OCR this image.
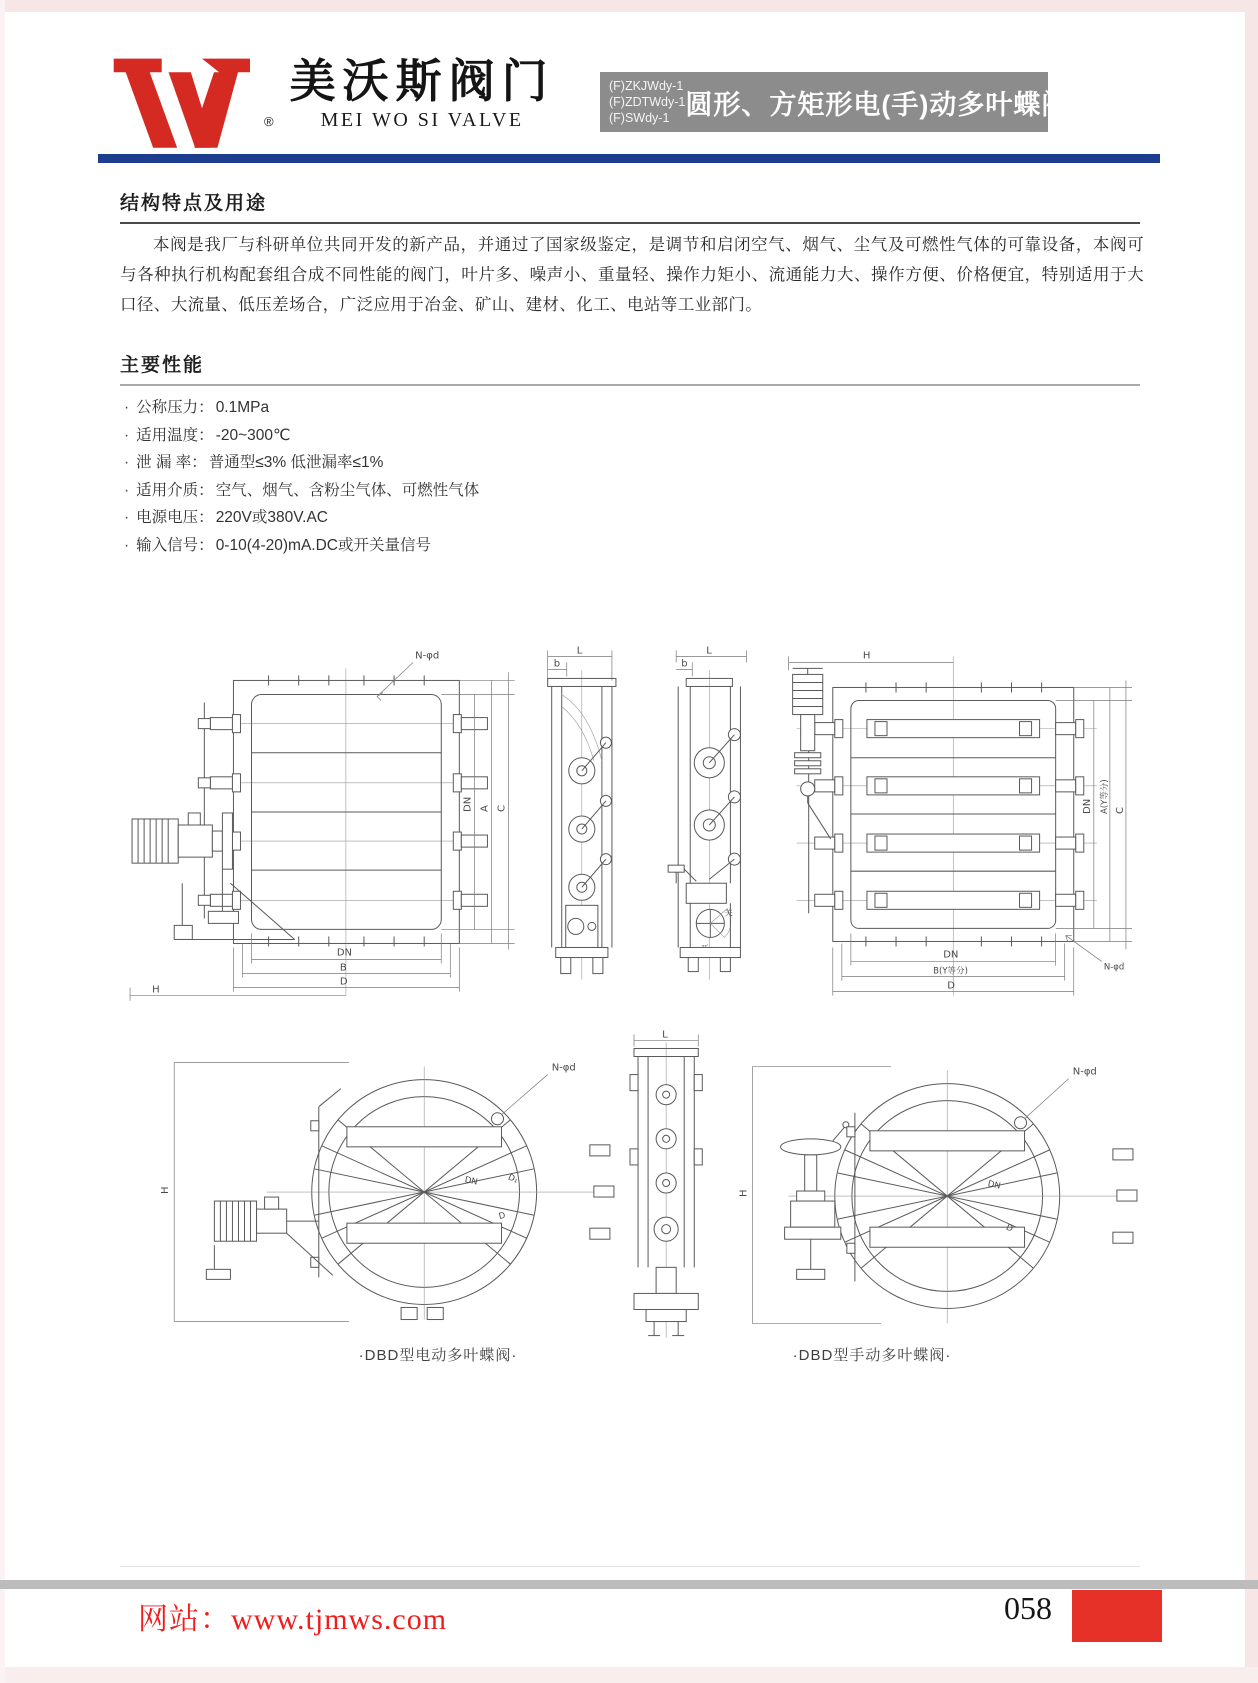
®
美沃斯阀门
MEI WO SI VALVE
(F)ZKJWdy-1
(F)ZDTWdy-1
(F)SWdy-1 圆形、方矩形电(手)动多叶蝶阀
结构特点及用途
本阀是我厂与科研单位共同开发的新产品，并通过了国家级鉴定，是调节和启闭空气、烟气、尘气及可燃性气体的可靠设备，本阀可与各种执行机构配套组合成不同性能的阀门，叶片多、噪声小、重量轻、操作力矩小、流通能力大、操作方便、价格便宜，特别适用于大口径、大流量、低压差场合，广泛应用于冶金、矿山、建材、化工、电站等工业部门。
主要性能
· 公称压力： 0.1MPa
· 适用温度： -20~300℃
· 泄 漏 率： 普通型≤3% 低泄漏率≤1%
· 适用介质： 空气、烟气、含粉尘气体、可燃性气体
· 电源电压： 220V或380V.AC
· 输入信号： 0-10(4-20)mA.DC或开关量信号
DN A C
DN
B
D
H
N-φd	L
b
L
b
关
H
DN A(Y等分) C
DN
B(Y等分)
D
N-φd
H
N-φd
DN	D₁
D
L
H
N-φd
DN
D
·DBD型电动多叶蝶阀·	·DBD型手动多叶蝶阀·
网站：www.tjmws.com	058
